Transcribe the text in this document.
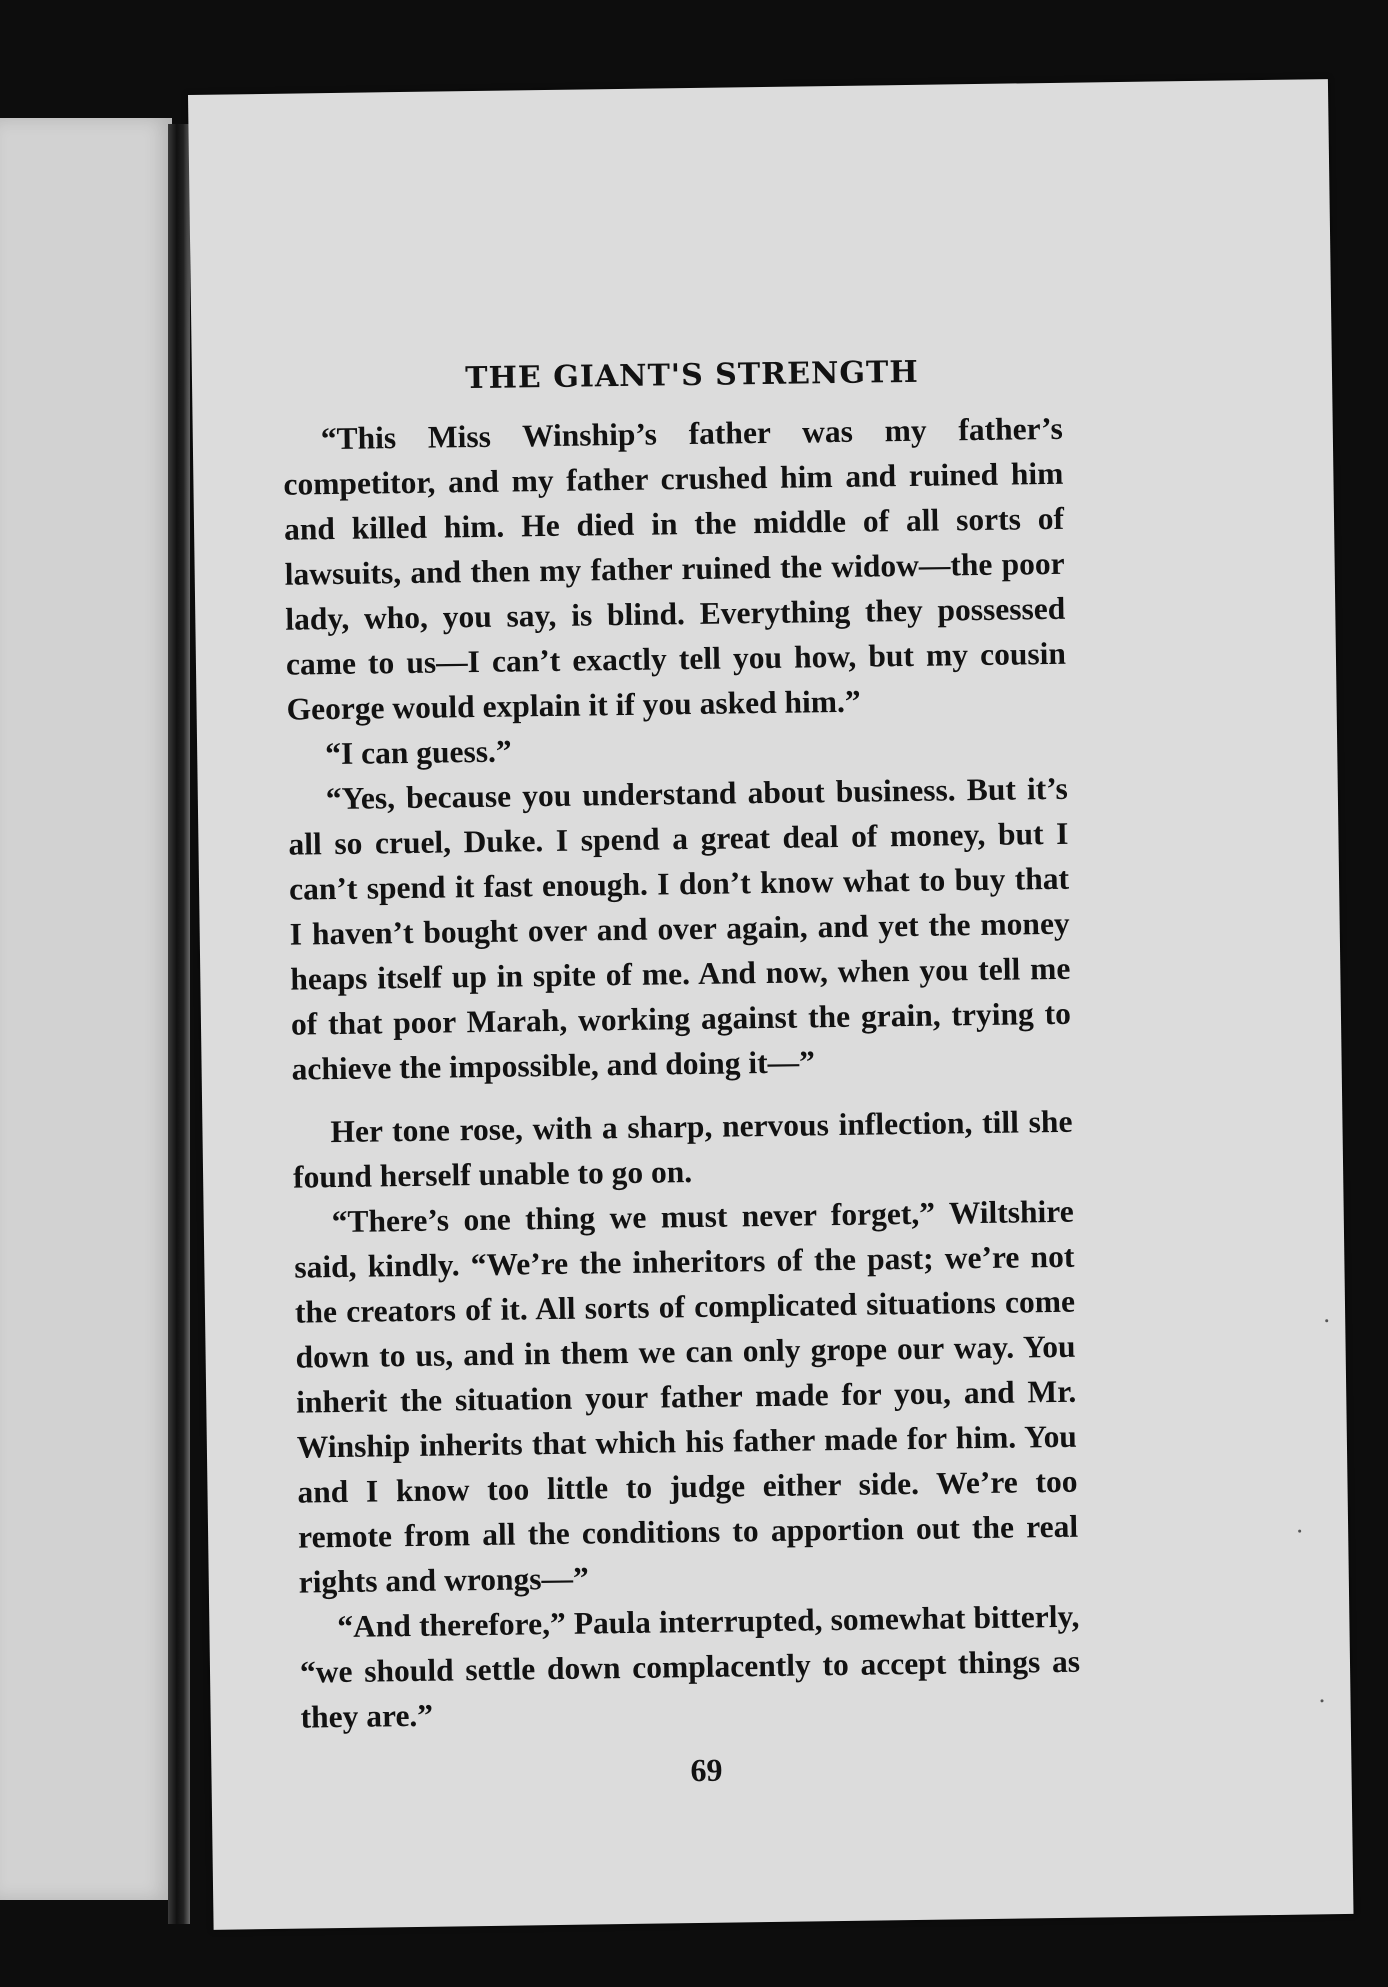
THE GIANT'S STRENGTH

“This Miss Winship’s father was my father’s competitor, and my father crushed him and ruined him and killed him. He died in the middle of all sorts of lawsuits, and then my father ruined the widow—the poor lady, who, you say, is blind. Everything they possessed came to us—I can’t exactly tell you how, but my cousin George would explain it if you asked him.”

“I can guess.”

“Yes, because you understand about business. But it’s all so cruel, Duke. I spend a great deal of money, but I can’t spend it fast enough. I don’t know what to buy that I haven’t bought over and over again, and yet the money heaps itself up in spite of me. And now, when you tell me of that poor Marah, working against the grain, trying to achieve the impossible, and doing it—”

Her tone rose, with a sharp, nervous inflection, till she found herself unable to go on.

“There’s one thing we must never forget,” Wiltshire said, kindly. “We’re the inheritors of the past; we’re not the creators of it. All sorts of complicated situations come down to us, and in them we can only grope our way. You inherit the situation your father made for you, and Mr. Winship inherits that which his father made for him. You and I know too little to judge either side. We’re too remote from all the conditions to apportion out the real rights and wrongs—”

“And therefore,” Paula interrupted, somewhat bitterly, “we should settle down complacently to accept things as they are.”

69
